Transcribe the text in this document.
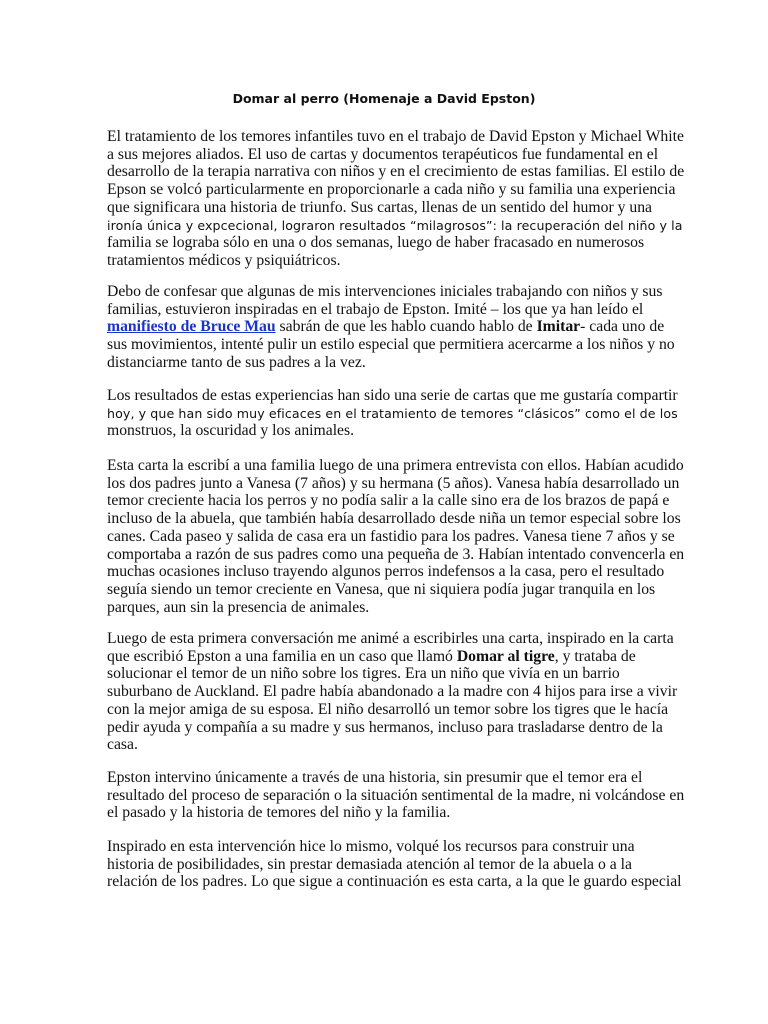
Domar al perro (Homenaje a David Epston)
El tratamiento de los temores infantiles tuvo en el trabajo de David Epston y Michael White
a sus mejores aliados. El uso de cartas y documentos terapéuticos fue fundamental en el
desarrollo de la terapia narrativa con niños y en el crecimiento de estas familias. El estilo de
Epson se volcó particularmente en proporcionarle a cada niño y su familia una experiencia
que significara una historia de triunfo. Sus cartas, llenas de un sentido del humor y una
ironía única y expcecional, lograron resultados “milagrosos”: la recuperación del niño y la
familia se lograba sólo en una o dos semanas, luego de haber fracasado en numerosos
tratamientos médicos y psiquiátricos.
Debo de confesar que algunas de mis intervenciones iniciales trabajando con niños y sus
familias, estuvieron inspiradas en el trabajo de Epston. Imité – los que ya han leído el
manifiesto de Bruce Mau sabrán de que les hablo cuando hablo de Imitar- cada uno de
sus movimientos, intenté pulir un estilo especial que permitiera acercarme a los niños y no
distanciarme tanto de sus padres a la vez.
Los resultados de estas experiencias han sido una serie de cartas que me gustaría compartir
hoy, y que han sido muy eficaces en el tratamiento de temores “clásicos” como el de los
monstruos, la oscuridad y los animales.
Esta carta la escribí a una familia luego de una primera entrevista con ellos. Habían acudido
los dos padres junto a Vanesa (7 años) y su hermana (5 años). Vanesa había desarrollado un
temor creciente hacia los perros y no podía salir a la calle sino era de los brazos de papá e
incluso de la abuela, que también había desarrollado desde niña un temor especial sobre los
canes. Cada paseo y salida de casa era un fastidio para los padres. Vanesa tiene 7 años y se
comportaba a razón de sus padres como una pequeña de 3. Habían intentado convencerla en
muchas ocasiones incluso trayendo algunos perros indefensos a la casa, pero el resultado
seguía siendo un temor creciente en Vanesa, que ni siquiera podía jugar tranquila en los
parques, aun sin la presencia de animales.
Luego de esta primera conversación me animé a escribirles una carta, inspirado en la carta
que escribió Epston a una familia en un caso que llamó Domar al tigre, y trataba de
solucionar el temor de un niño sobre los tigres. Era un niño que vivía en un barrio
suburbano de Auckland. El padre había abandonado a la madre con 4 hijos para irse a vivir
con la mejor amiga de su esposa. El niño desarrolló un temor sobre los tigres que le hacía
pedir ayuda y compañía a su madre y sus hermanos, incluso para trasladarse dentro de la
casa.
Epston intervino únicamente a través de una historia, sin presumir que el temor era el
resultado del proceso de separación o la situación sentimental de la madre, ni volcándose en
el pasado y la historia de temores del niño y la familia.
Inspirado en esta intervención hice lo mismo, volqué los recursos para construir una
historia de posibilidades, sin prestar demasiada atención al temor de la abuela o a la
relación de los padres. Lo que sigue a continuación es esta carta, a la que le guardo especial
